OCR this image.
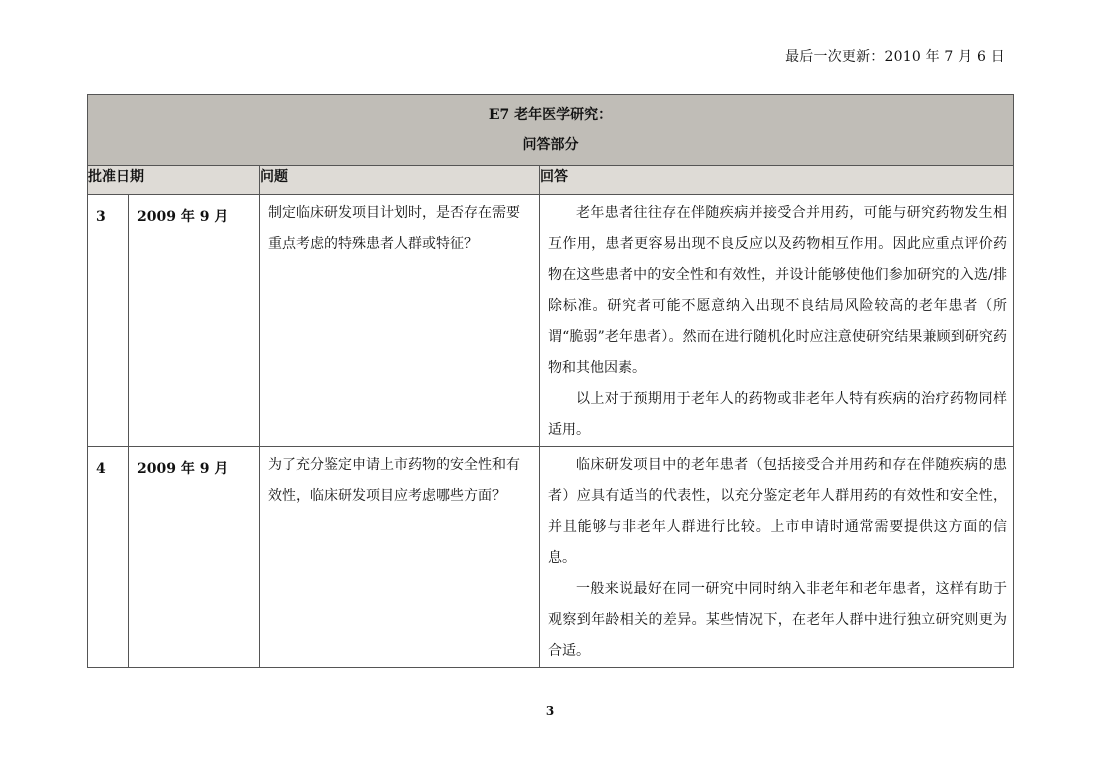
最后一次更新：2010 年 7 月 6 日
E7 老年医学研究：
问答部分			

批准日期		问题	回答
3	2009 年 9 月	制定临床研发项目计划时，是否存在需要重点考虑的特殊患者人群或特征？	老年患者往往存在伴随疾病并接受合并用药，可能与研究药物发生相互作用，患者更容易出现不良反应以及药物相互作用。因此应重点评价药物在这些患者中的安全性和有效性，并设计能够使他们参加研究的入选/排除标准。研究者可能不愿意纳入出现不良结局风险较高的老年患者（所谓“脆弱”老年患者）。然而在进行随机化时应注意使研究结果兼顾到研究药物和其他因素。

以上对于预期用于老年人的药物或非老年人特有疾病的治疗药物同样适用。

4	2009 年 9 月	为了充分鉴定申请上市药物的安全性和有效性，临床研发项目应考虑哪些方面？	临床研发项目中的老年患者（包括接受合并用药和存在伴随疾病的患者）应具有适当的代表性，以充分鉴定老年人群用药的有效性和安全性，并且能够与非老年人群进行比较。上市申请时通常需要提供这方面的信息。

一般来说最好在同一研究中同时纳入非老年和老年患者，这样有助于观察到年龄相关的差异。某些情况下，在老年人群中进行独立研究则更为合适。

3
